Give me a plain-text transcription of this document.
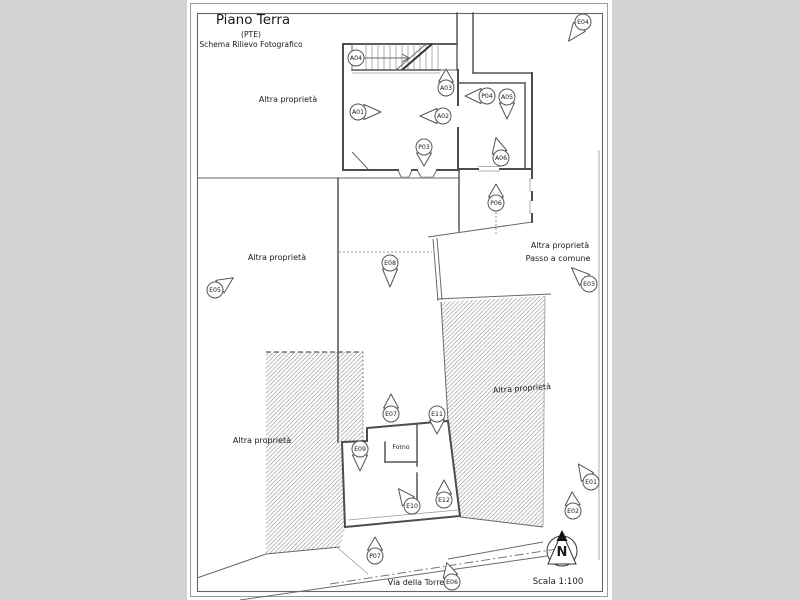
N
Piano Terra
(PTE)
Schema Rilievo Fotografico
Altra proprietà
Altra proprietà
Altra proprietà
Passo a comune
Altra proprietà
Altra proprietà
Forno
Via della Torre	Scala 1:100
A01
A02
A03
A04
A05
A06
P03
P04
P06
P07
E01
E02
E03
E04
E05
E06
E07
E08
E09
E10
E11
E12
